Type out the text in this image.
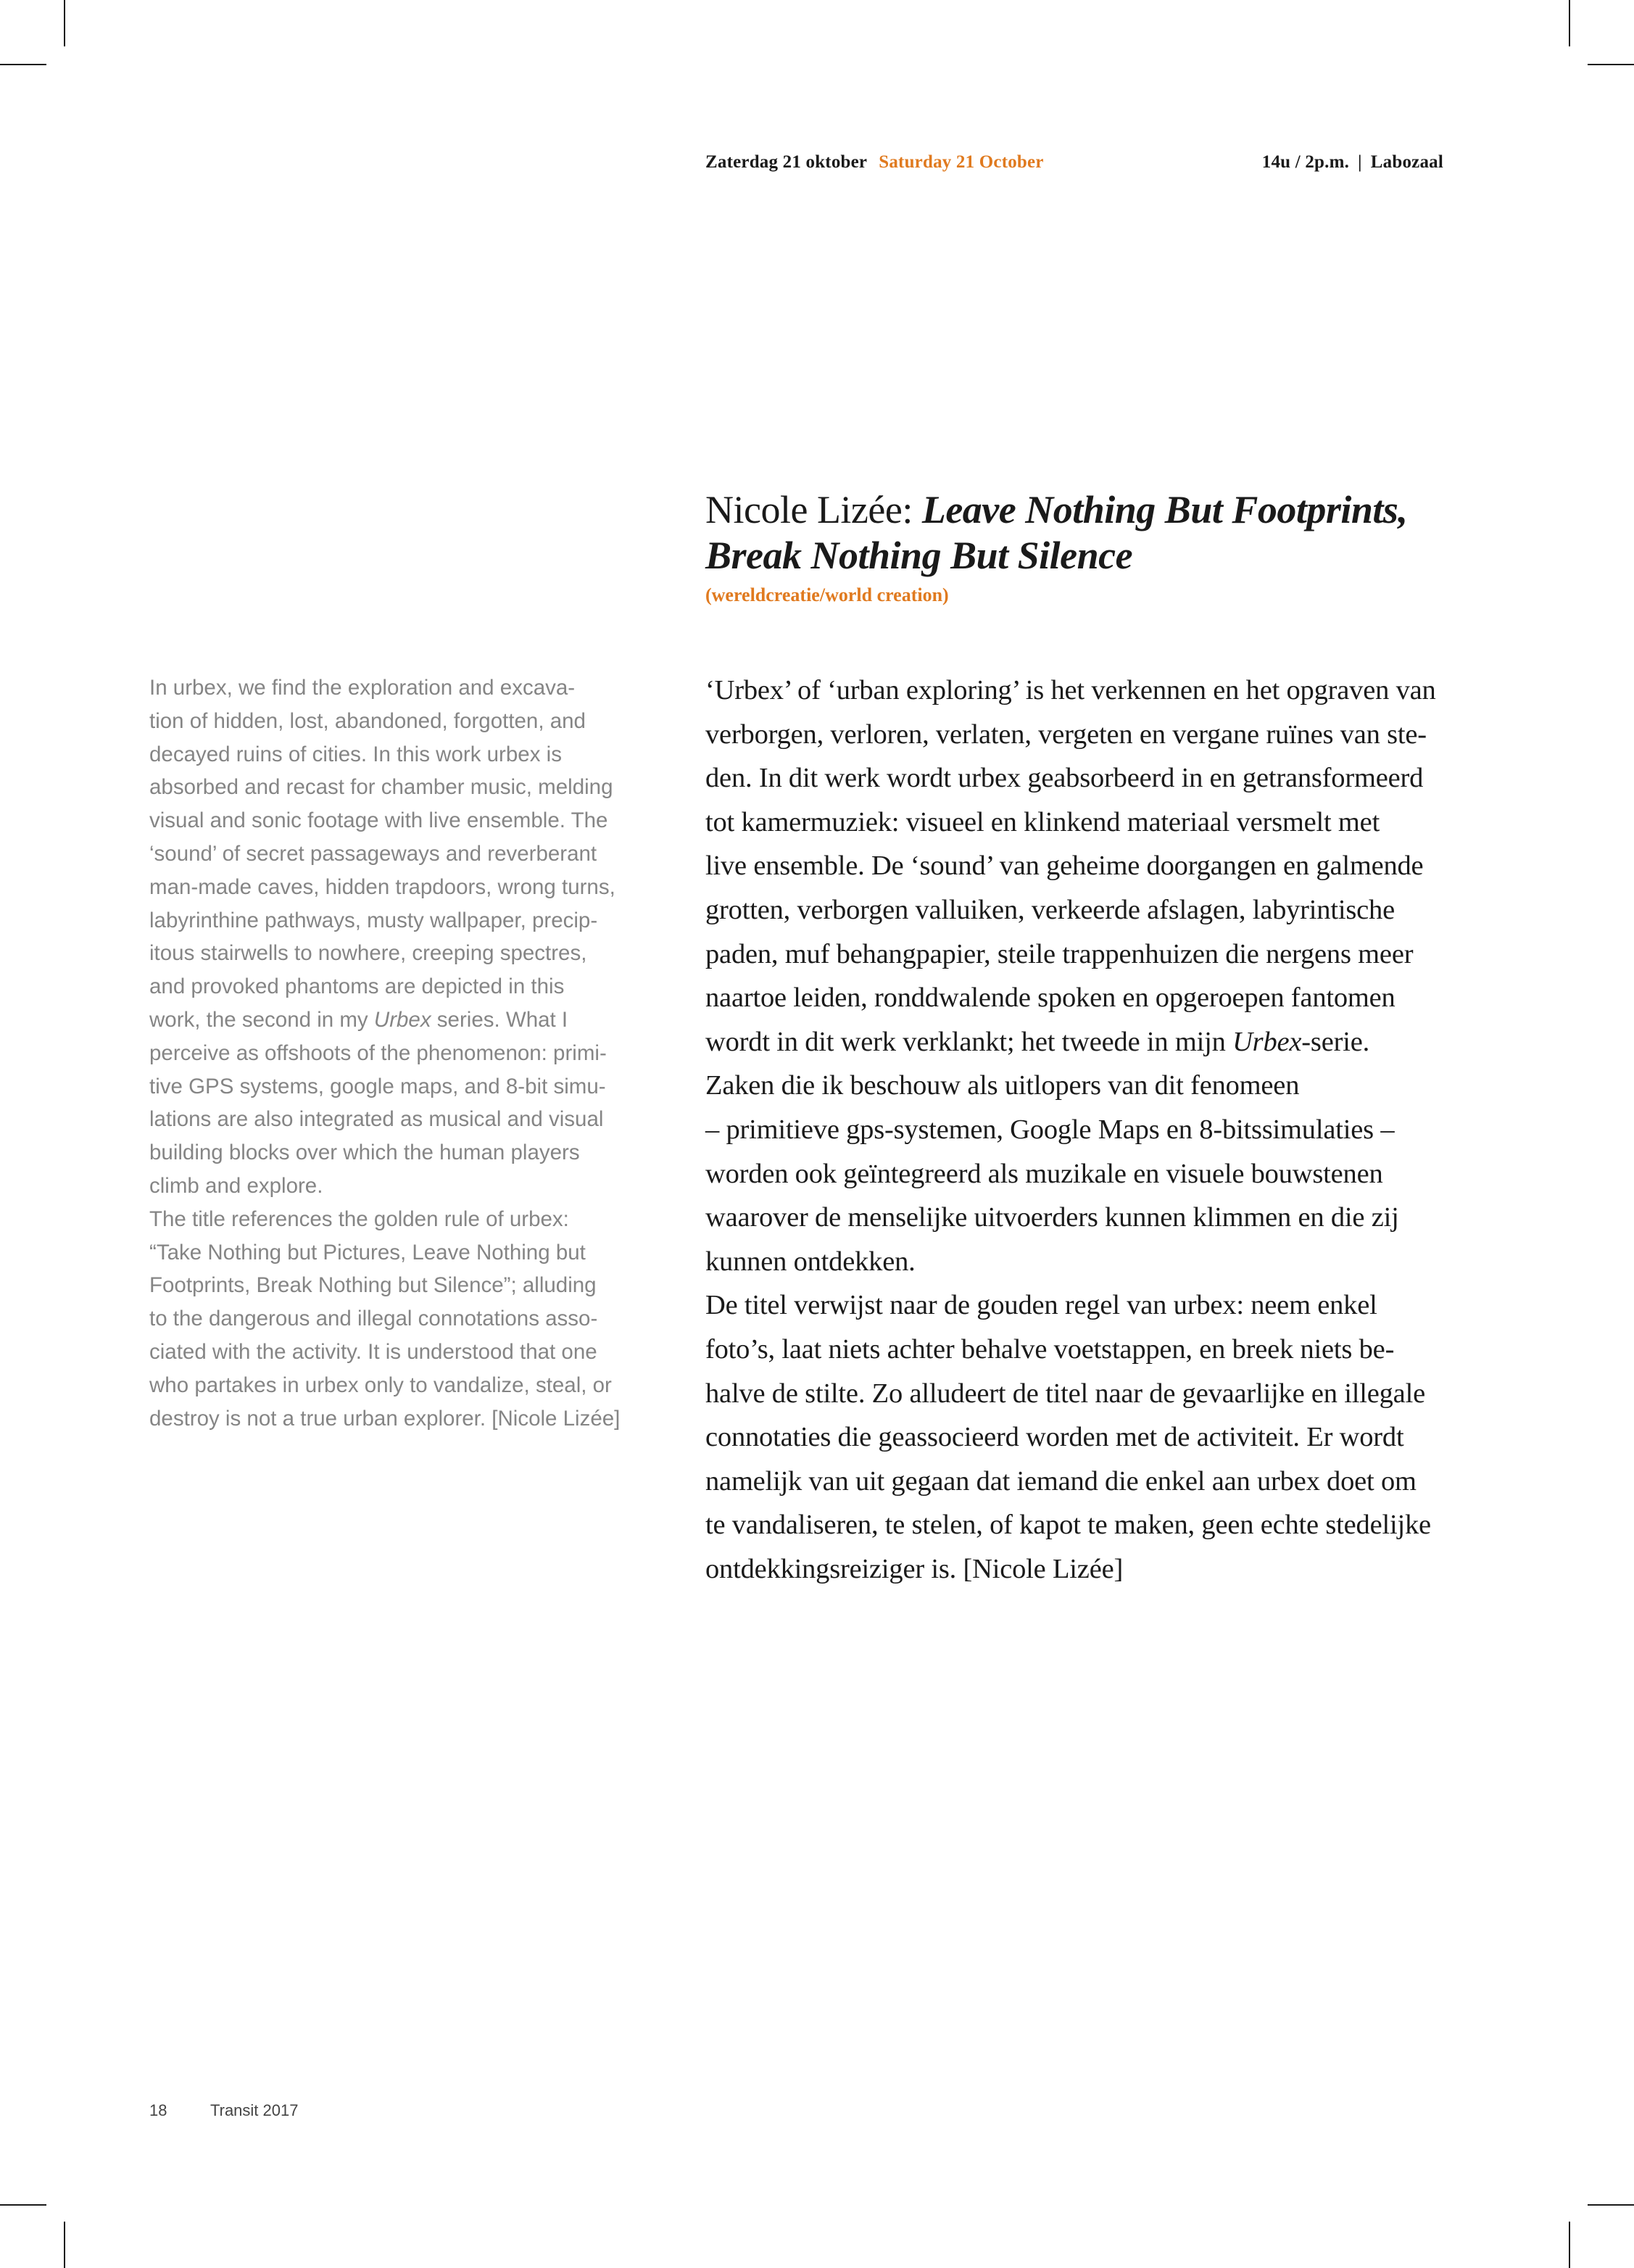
Zaterdag 21 oktober Saturday 21 October	14u / 2p.m. | Labozaal
Nicole Lizée: Leave Nothing But Footprints,
Break Nothing But Silence
(wereldcreatie/world creation)
In urbex, we find the exploration and excava-
tion of hidden, lost, abandoned, forgotten, and
decayed ruins of cities. In this work urbex is
absorbed and recast for chamber music, melding
visual and sonic footage with live ensemble. The
‘sound’ of secret passageways and reverberant
man-made caves, hidden trapdoors, wrong turns,
labyrinthine pathways, musty wallpaper, precip-
itous stairwells to nowhere, creeping spectres,
and provoked phantoms are depicted in this
work, the second in my Urbex series. What I
perceive as offshoots of the phenomenon: primi-
tive GPS systems, google maps, and 8-bit simu-
lations are also integrated as musical and visual
building blocks over which the human players
climb and explore.
The title references the golden rule of urbex:
“Take Nothing but Pictures, Leave Nothing but
Footprints, Break Nothing but Silence”; alluding
to the dangerous and illegal connotations asso-
ciated with the activity. It is understood that one
who partakes in urbex only to vandalize, steal, or
destroy is not a true urban explorer. [Nicole Lizée]
‘Urbex’ of ‘urban exploring’ is het verkennen en het opgraven van
verborgen, verloren, verlaten, vergeten en vergane ruïnes van ste-
den. In dit werk wordt urbex geabsorbeerd in en getransformeerd
tot kamermuziek: visueel en klinkend materiaal versmelt met
live ensemble. De ‘sound’ van geheime doorgangen en galmende
grotten, verborgen valluiken, verkeerde afslagen, labyrintische
paden, muf behangpapier, steile trappenhuizen die nergens meer
naartoe leiden, ronddwalende spoken en opgeroepen fantomen
wordt in dit werk verklankt; het tweede in mijn Urbex-serie.
Zaken die ik beschouw als uitlopers van dit fenomeen
– primitieve gps-systemen, Google Maps en 8-bitssimulaties –
worden ook geïntegreerd als muzikale en visuele bouwstenen
waarover de menselijke uitvoerders kunnen klimmen en die zij
kunnen ontdekken.
De titel verwijst naar de gouden regel van urbex: neem enkel
foto’s, laat niets achter behalve voetstappen, en breek niets be-
halve de stilte. Zo alludeert de titel naar de gevaarlijke en illegale
connotaties die geassocieerd worden met de activiteit. Er wordt
namelijk van uit gegaan dat iemand die enkel aan urbex doet om
te vandaliseren, te stelen, of kapot te maken, geen echte stedelijke
ontdekkingsreiziger is. [Nicole Lizée]
18	Transit 2017
